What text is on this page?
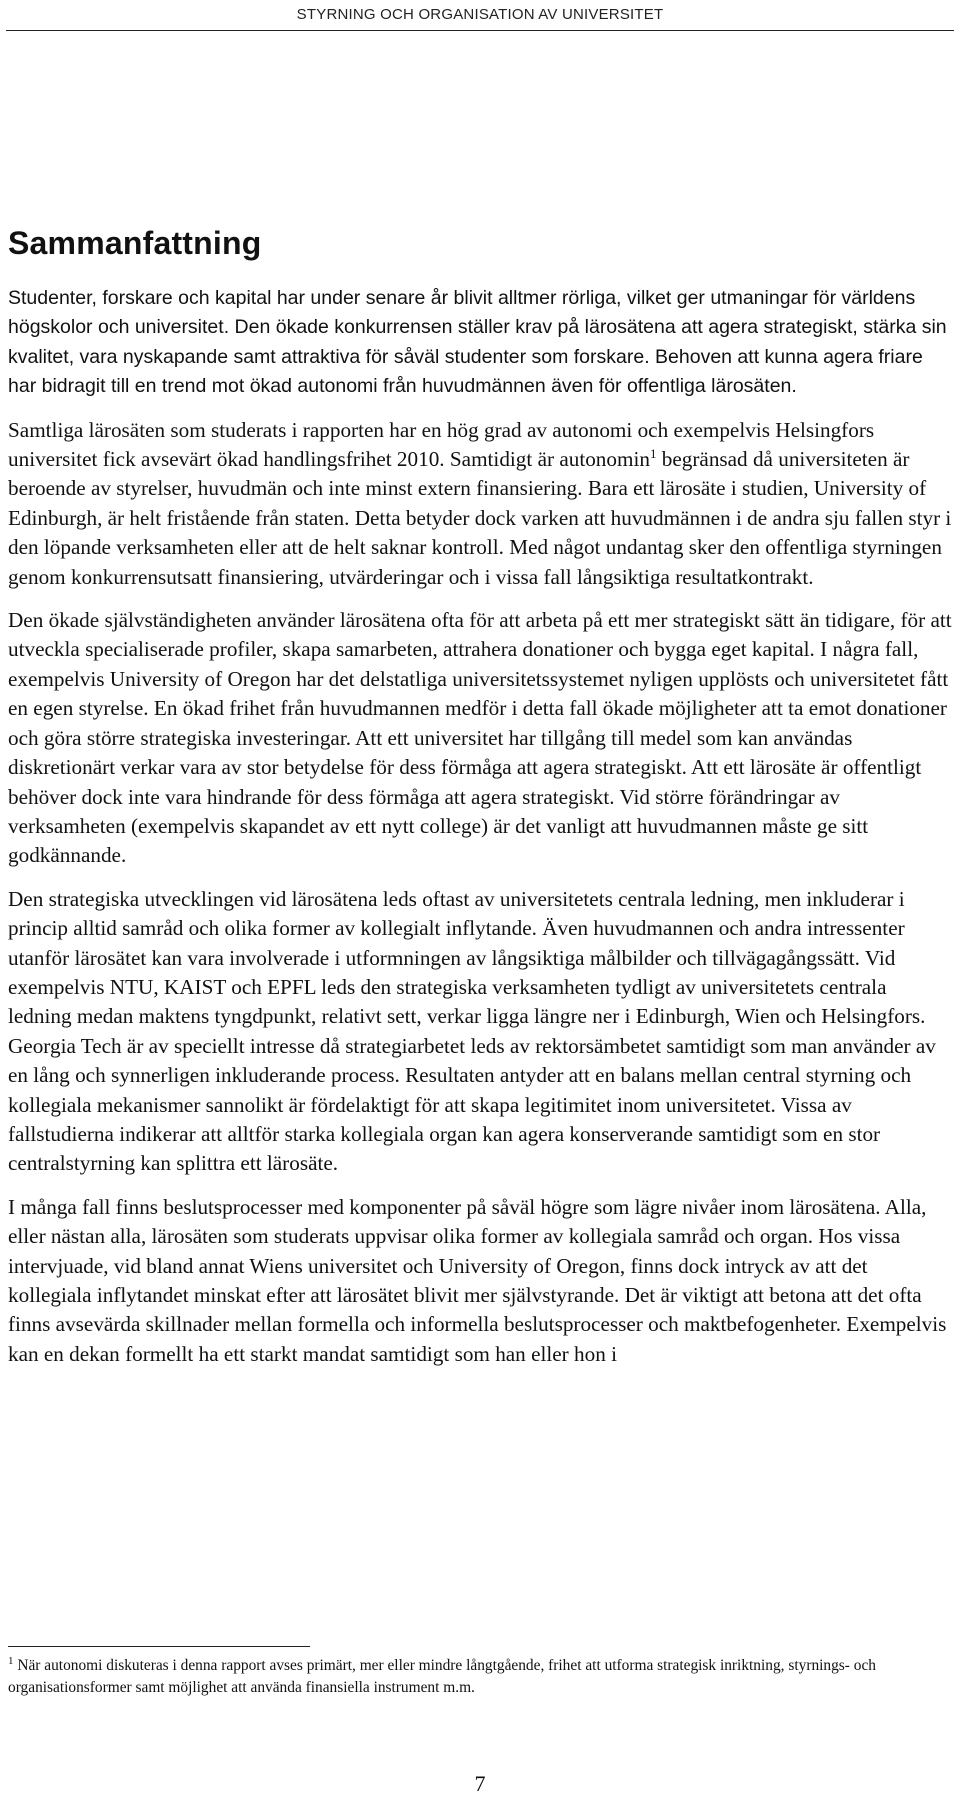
STYRNING OCH ORGANISATION AV UNIVERSITET
Sammanfattning

Studenter, forskare och kapital har under senare år blivit alltmer rörliga, vilket ger utmaningar för världens högskolor och universitet. Den ökade konkurrensen ställer krav på lärosätena att agera strategiskt, stärka sin kvalitet, vara nyskapande samt attraktiva för såväl studenter som forskare. Behoven att kunna agera friare har bidragit till en trend mot ökad autonomi från huvudmännen även för offentliga lärosäten.

Samtliga lärosäten som studerats i rapporten har en hög grad av autonomi och exempelvis Helsingfors universitet fick avsevärt ökad handlingsfrihet 2010. Samtidigt är autonomin$^1$ begränsad då universiteten är beroende av styrelser, huvudmän och inte minst extern finansiering. Bara ett lärosäte i studien, University of Edinburgh, är helt fristående från staten. Detta betyder dock varken att huvudmännen i de andra sju fallen styr i den löpande verksamheten eller att de helt saknar kontroll. Med något undantag sker den offentliga styrningen genom konkurrensutsatt finansiering, utvärderingar och i vissa fall långsiktiga resultatkontrakt.

Den ökade självständigheten använder lärosätena ofta för att arbeta på ett mer strategiskt sätt än tidigare, för att utveckla specialiserade profiler, skapa samarbeten, attrahera donationer och bygga eget kapital. I några fall, exempelvis University of Oregon har det delstatliga universitetssystemet nyligen upplösts och universitetet fått en egen styrelse. En ökad frihet från huvudmannen medför i detta fall ökade möjligheter att ta emot donationer och göra större strategiska investeringar. Att ett universitet har tillgång till medel som kan användas diskretionärt verkar vara av stor betydelse för dess förmåga att agera strategiskt. Att ett lärosäte är offentligt behöver dock inte vara hindrande för dess förmåga att agera strategiskt. Vid större förändringar av verksamheten (exempelvis skapandet av ett nytt college) är det vanligt att huvudmannen måste ge sitt godkännande.

Den strategiska utvecklingen vid lärosätena leds oftast av universitetets centrala ledning, men inkluderar i princip alltid samråd och olika former av kollegialt inflytande. Även huvudmannen och andra intressenter utanför lärosätet kan vara involverade i utformningen av långsiktiga målbilder och tillvägagångssätt. Vid exempelvis NTU, KAIST och EPFL leds den strategiska verksamheten tydligt av universitetets centrala ledning medan maktens tyngdpunkt, relativt sett, verkar ligga längre ner i Edinburgh, Wien och Helsingfors. Georgia Tech är av speciellt intresse då strategiarbetet leds av rektorsämbetet samtidigt som man använder av en lång och synnerligen inkluderande process. Resultaten antyder att en balans mellan central styrning och kollegiala mekanismer sannolikt är fördelaktigt för att skapa legitimitet inom universitetet. Vissa av fallstudierna indikerar att alltför starka kollegiala organ kan agera konserverande samtidigt som en stor centralstyrning kan splittra ett lärosäte.

I många fall finns beslutsprocesser med komponenter på såväl högre som lägre nivåer inom lärosätena. Alla, eller nästan alla, lärosäten som studerats uppvisar olika former av kollegiala samråd och organ. Hos vissa intervjuade, vid bland annat Wiens universitet och University of Oregon, finns dock intryck av att det kollegiala inflytandet minskat efter att lärosätet blivit mer självstyrande. Det är viktigt att betona att det ofta finns avsevärda skillnader mellan formella och informella beslutsprocesser och maktbefogenheter. Exempelvis kan en dekan formellt ha ett starkt mandat samtidigt som han eller hon i

$^1$ När autonomi diskuteras i denna rapport avses primärt, mer eller mindre långtgående, frihet att utforma strategisk inriktning, styrnings- och organisationsformer samt möjlighet att använda finansiella instrument m.m.
7
